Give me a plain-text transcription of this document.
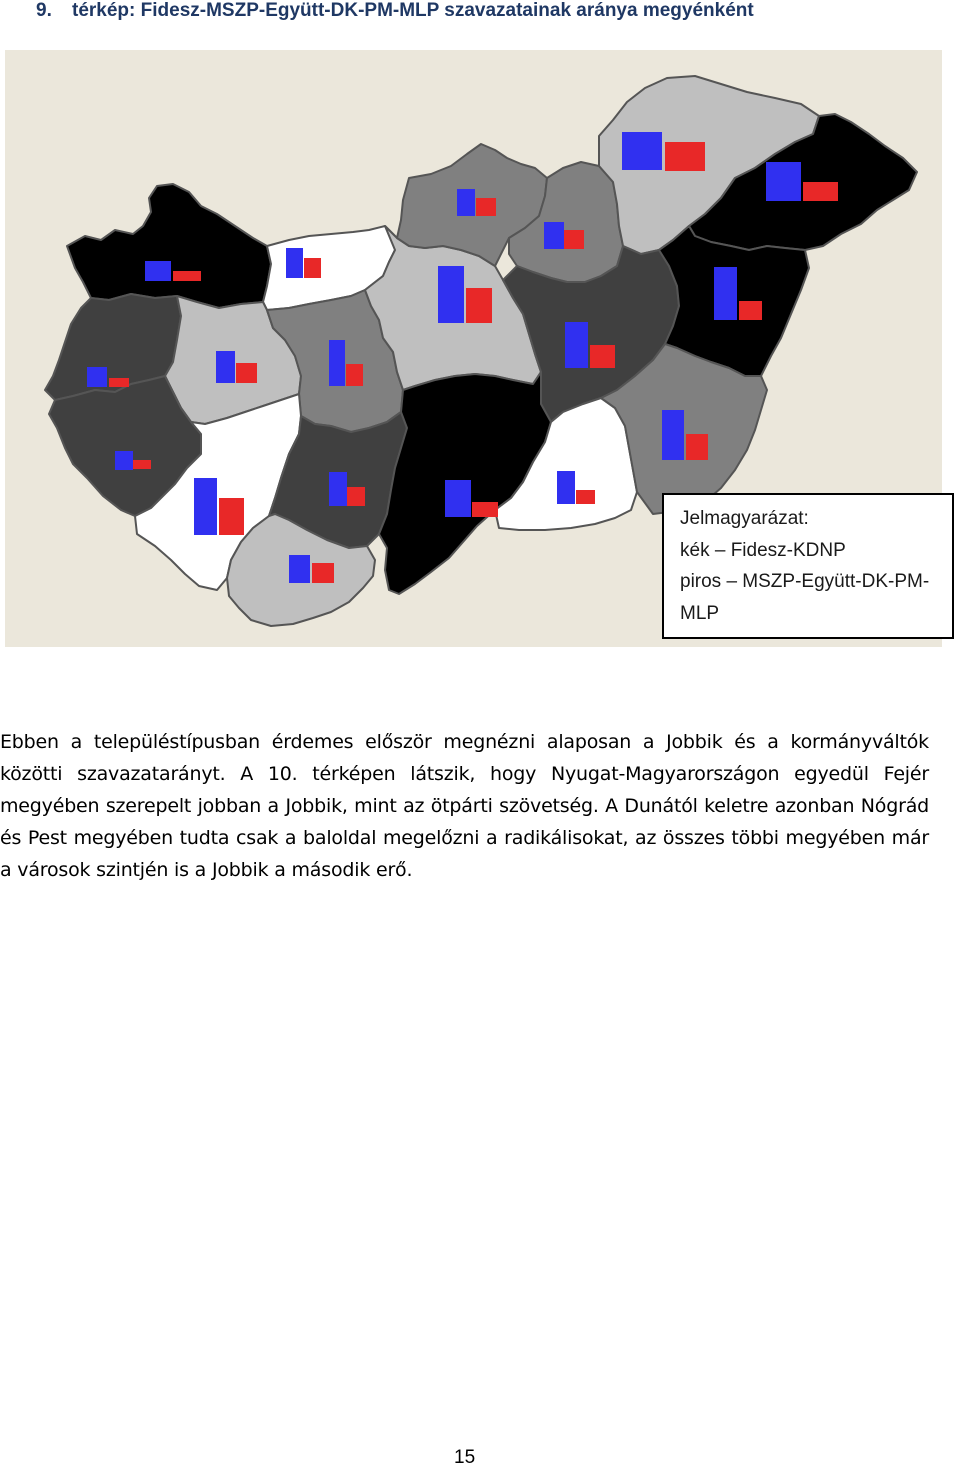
9. térkép: Fidesz-MSZP-Együtt-DK-PM-MLP szavazatainak aránya megyénként
Jelmagyarázat:
kék – Fidesz-KDNP
piros – MSZP-Együtt-DK-PM-
MLP
Ebben a településtípusban érdemes először megnézni alaposan a Jobbik és a kormányváltók közötti szavazatarányt. A 10. térképen látszik, hogy Nyugat-Magyarországon egyedül Fejér megyében szerepelt jobban a Jobbik, mint az ötpárti szövetség. A Dunától keletre azonban Nógrád és Pest megyében tudta csak a baloldal megelőzni a radikálisokat, az összes többi megyében már a városok szintjén is a Jobbik a második erő.
15
